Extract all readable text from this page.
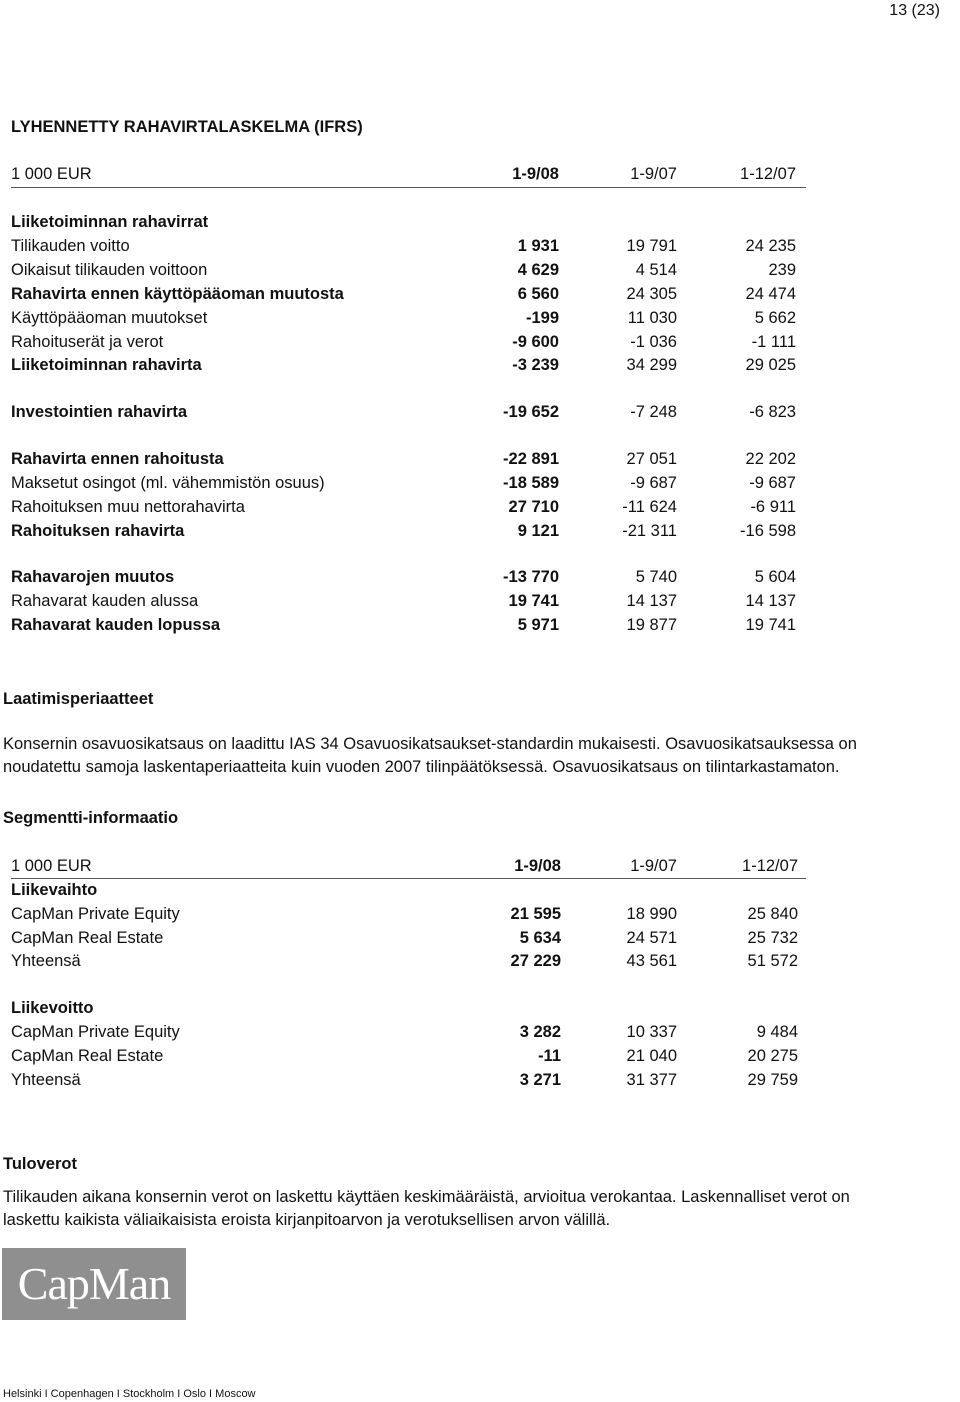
13 (23)
LYHENNETTY RAHAVIRTALASKELMA (IFRS)
1 000 EUR	1-9/08	1-9/07	1-12/07
Liiketoiminnan rahavirrat
Tilikauden voitto	1 931	19 791	24 235
Oikaisut tilikauden voittoon	4 629	4 514	239
Rahavirta ennen käyttöpääoman muutosta	6 560	24 305	24 474
Käyttöpääoman muutokset	-199	11 030	5 662
Rahoituserät ja verot	-9 600	-1 036	-1 111
Liiketoiminnan rahavirta	-3 239	34 299	29 025
Investointien rahavirta	-19 652	-7 248	-6 823
Rahavirta ennen rahoitusta	-22 891	27 051	22 202
Maksetut osingot (ml. vähemmistön osuus)	-18 589	-9 687	-9 687
Rahoituksen muu nettorahavirta	27 710	-11 624	-6 911
Rahoituksen rahavirta	9 121	-21 311	-16 598
Rahavarojen muutos	-13 770	5 740	5 604
Rahavarat kauden alussa	19 741	14 137	14 137
Rahavarat kauden lopussa	5 971	19 877	19 741
Laatimisperiaatteet
Konsernin osavuosikatsaus on laadittu IAS 34 Osavuosikatsaukset-standardin mukaisesti. Osavuosikatsauksessa on
noudatettu samoja laskentaperiaatteita kuin vuoden 2007 tilinpäätöksessä. Osavuosikatsaus on tilintarkastamaton.
Segmentti-informaatio
1 000 EUR	1-9/08	1-9/07	1-12/07
Liikevaihto
CapMan Private Equity	21 595	18 990	25 840
CapMan Real Estate	5 634	24 571	25 732
Yhteensä	27 229	43 561	51 572
Liikevoitto
CapMan Private Equity	3 282	10 337	9 484
CapMan Real Estate	-11	21 040	20 275
Yhteensä	3 271	31 377	29 759
Tuloverot
Tilikauden aikana konsernin verot on laskettu käyttäen keskimääräistä, arvioitua verokantaa. Laskennalliset verot on
laskettu kaikista väliaikaisista eroista kirjanpitoarvon ja verotuksellisen arvon välillä.
CapMan
Helsinki I Copenhagen I Stockholm I Oslo I Moscow
